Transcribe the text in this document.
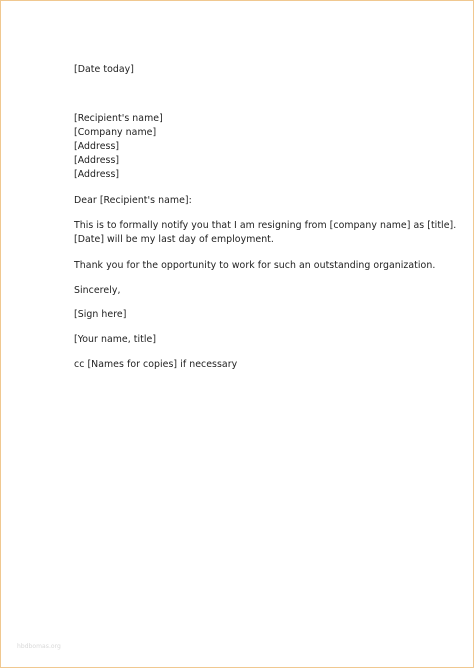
[Date today]
[Recipient's name]
[Company name]
[Address]
[Address]
[Address]
Dear [Recipient's name]:
This is to formally notify you that I am resigning from [company name] as [title].
[Date] will be my last day of employment.
Thank you for the opportunity to work for such an outstanding organization.
Sincerely,
[Sign here]
[Your name, title]
cc [Names for copies] if necessary
hbdbomas.org
